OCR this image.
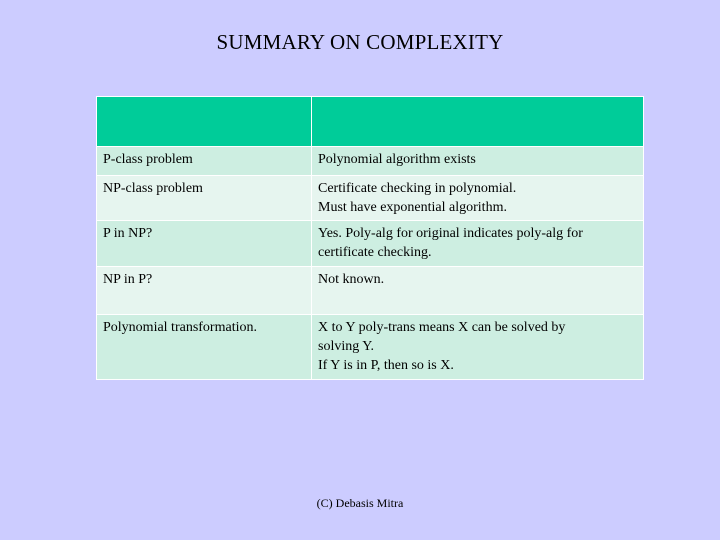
SUMMARY ON COMPLEXITY

P-class problem	Polynomial algorithm exists

NP-class problem	Certificate checking in polynomial.
Must have exponential algorithm.

P in NP?	Yes. Poly-alg for original indicates poly-alg for
certificate checking.

NP in P?	Not known.

Polynomial transformation.	X to Y poly-trans means X can be solved by
solving Y.
If Y is in P, then so is X.
(C) Debasis Mitra
